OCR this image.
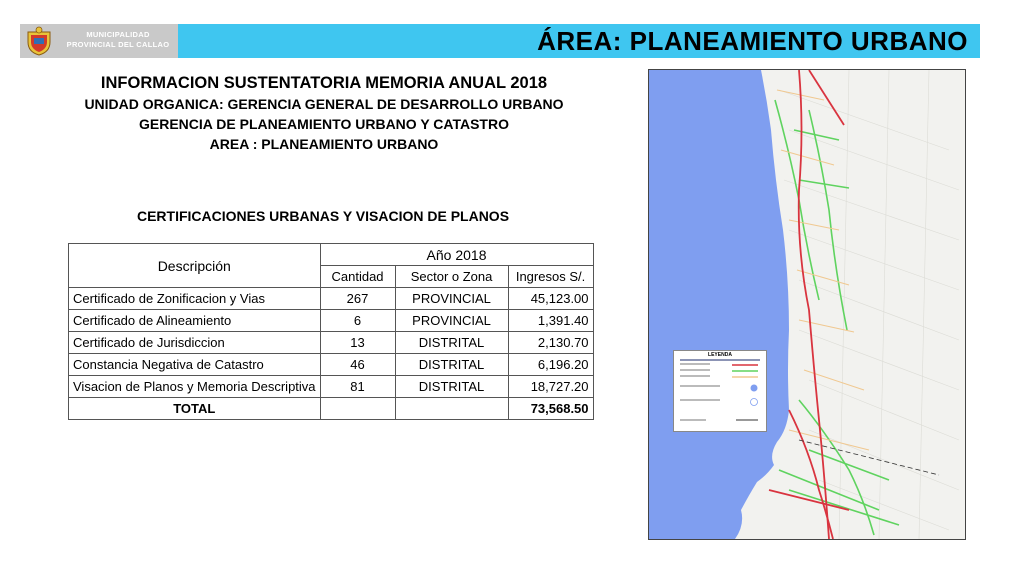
MUNICIPALIDAD
PROVINCIAL DEL CALLAO	ÁREA: PLANEAMIENTO URBANO
INFORMACION SUSTENTATORIA MEMORIA ANUAL 2018
UNIDAD ORGANICA: GERENCIA GENERAL DE DESARROLLO URBANO
GERENCIA DE PLANEAMIENTO URBANO Y CATASTRO
AREA : PLANEAMIENTO URBANO
CERTIFICACIONES URBANAS Y VISACION DE PLANOS
Descripción	Año 2018		
	Cantidad	Sector o Zona	Ingresos S/.
Certificado de Zonificacion y Vias	267	PROVINCIAL	45,123.00
Certificado de Alineamiento	6	PROVINCIAL	1,391.40
Certificado de Jurisdiccion	13	DISTRITAL	2,130.70
Constancia Negativa de Catastro	46	DISTRITAL	6,196.20
Visacion de Planos y Memoria Descriptiva	81	DISTRITAL	18,727.20
TOTAL			73,568.50
LEYENDA
